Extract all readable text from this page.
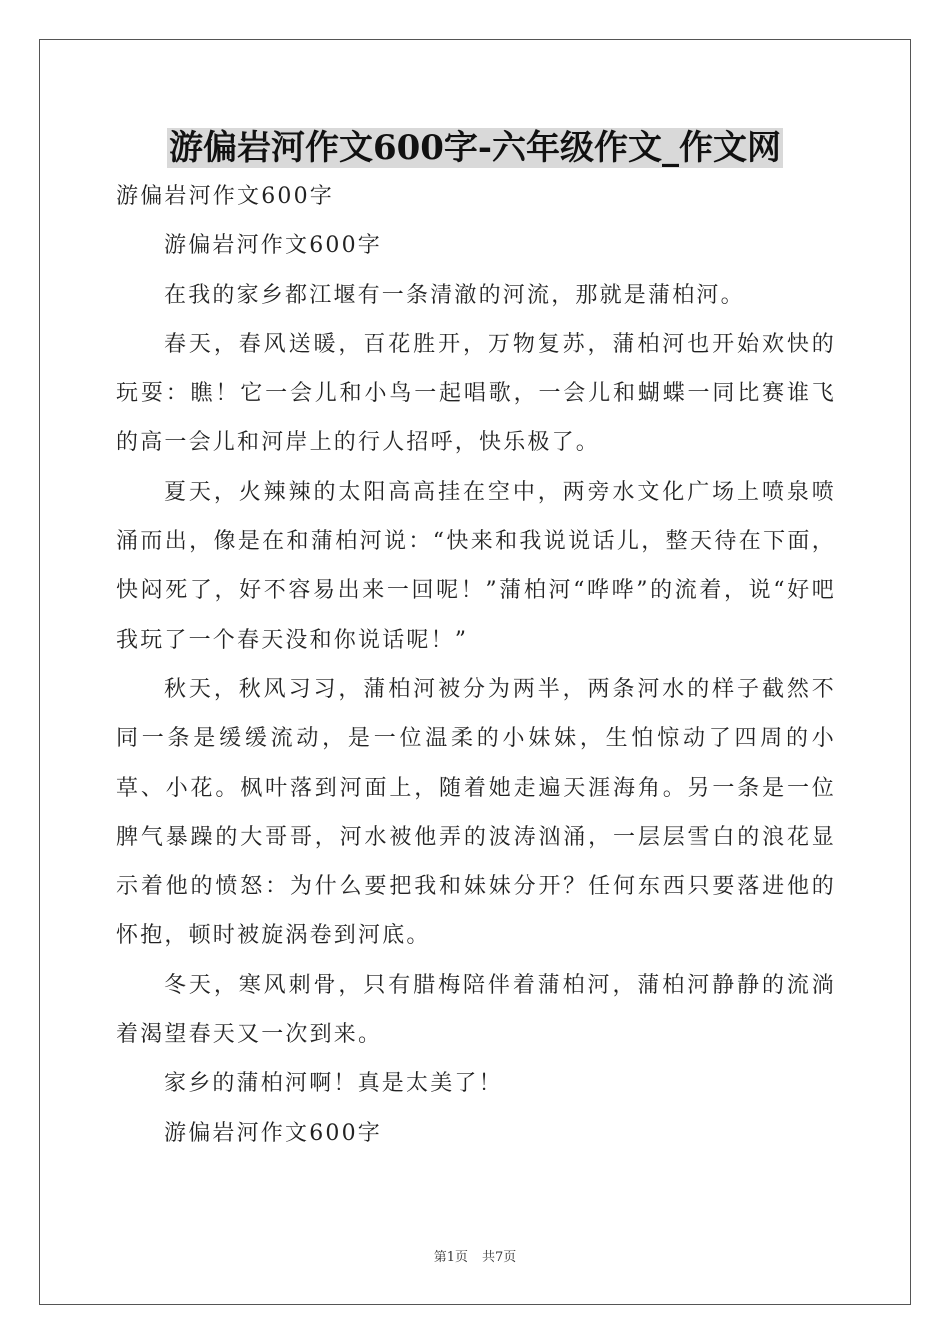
游偏岩河作文600字-六年级作文_作文网

游偏岩河作文600字

游偏岩河作文600字

在我的家乡都江堰有一条清澈的河流，那就是蒲柏河。

春天，春风送暖，百花胜开，万物复苏，蒲柏河也开始欢快的玩耍：瞧！它一会儿和小鸟一起唱歌，一会儿和蝴蝶一同比赛谁飞的高一会儿和河岸上的行人招呼，快乐极了。

夏天，火辣辣的太阳高高挂在空中，两旁水文化广场上喷泉喷涌而出，像是在和蒲柏河说：“快来和我说说话儿，整天待在下面，快闷死了，好不容易出来一回呢！”蒲柏河“哗哗”的流着，说“好吧我玩了一个春天没和你说话呢！”

秋天，秋风习习，蒲柏河被分为两半，两条河水的样子截然不同一条是缓缓流动，是一位温柔的小妹妹，生怕惊动了四周的小草、小花。枫叶落到河面上，随着她走遍天涯海角。另一条是一位脾气暴躁的大哥哥，河水被他弄的波涛汹涌，一层层雪白的浪花显示着他的愤怒：为什么要把我和妹妹分开？任何东西只要落进他的怀抱，顿时被旋涡卷到河底。

冬天，寒风刺骨，只有腊梅陪伴着蒲柏河，蒲柏河静静的流淌着渴望春天又一次到来。

家乡的蒲柏河啊！真是太美了！

游偏岩河作文600字

第1页 共7页
